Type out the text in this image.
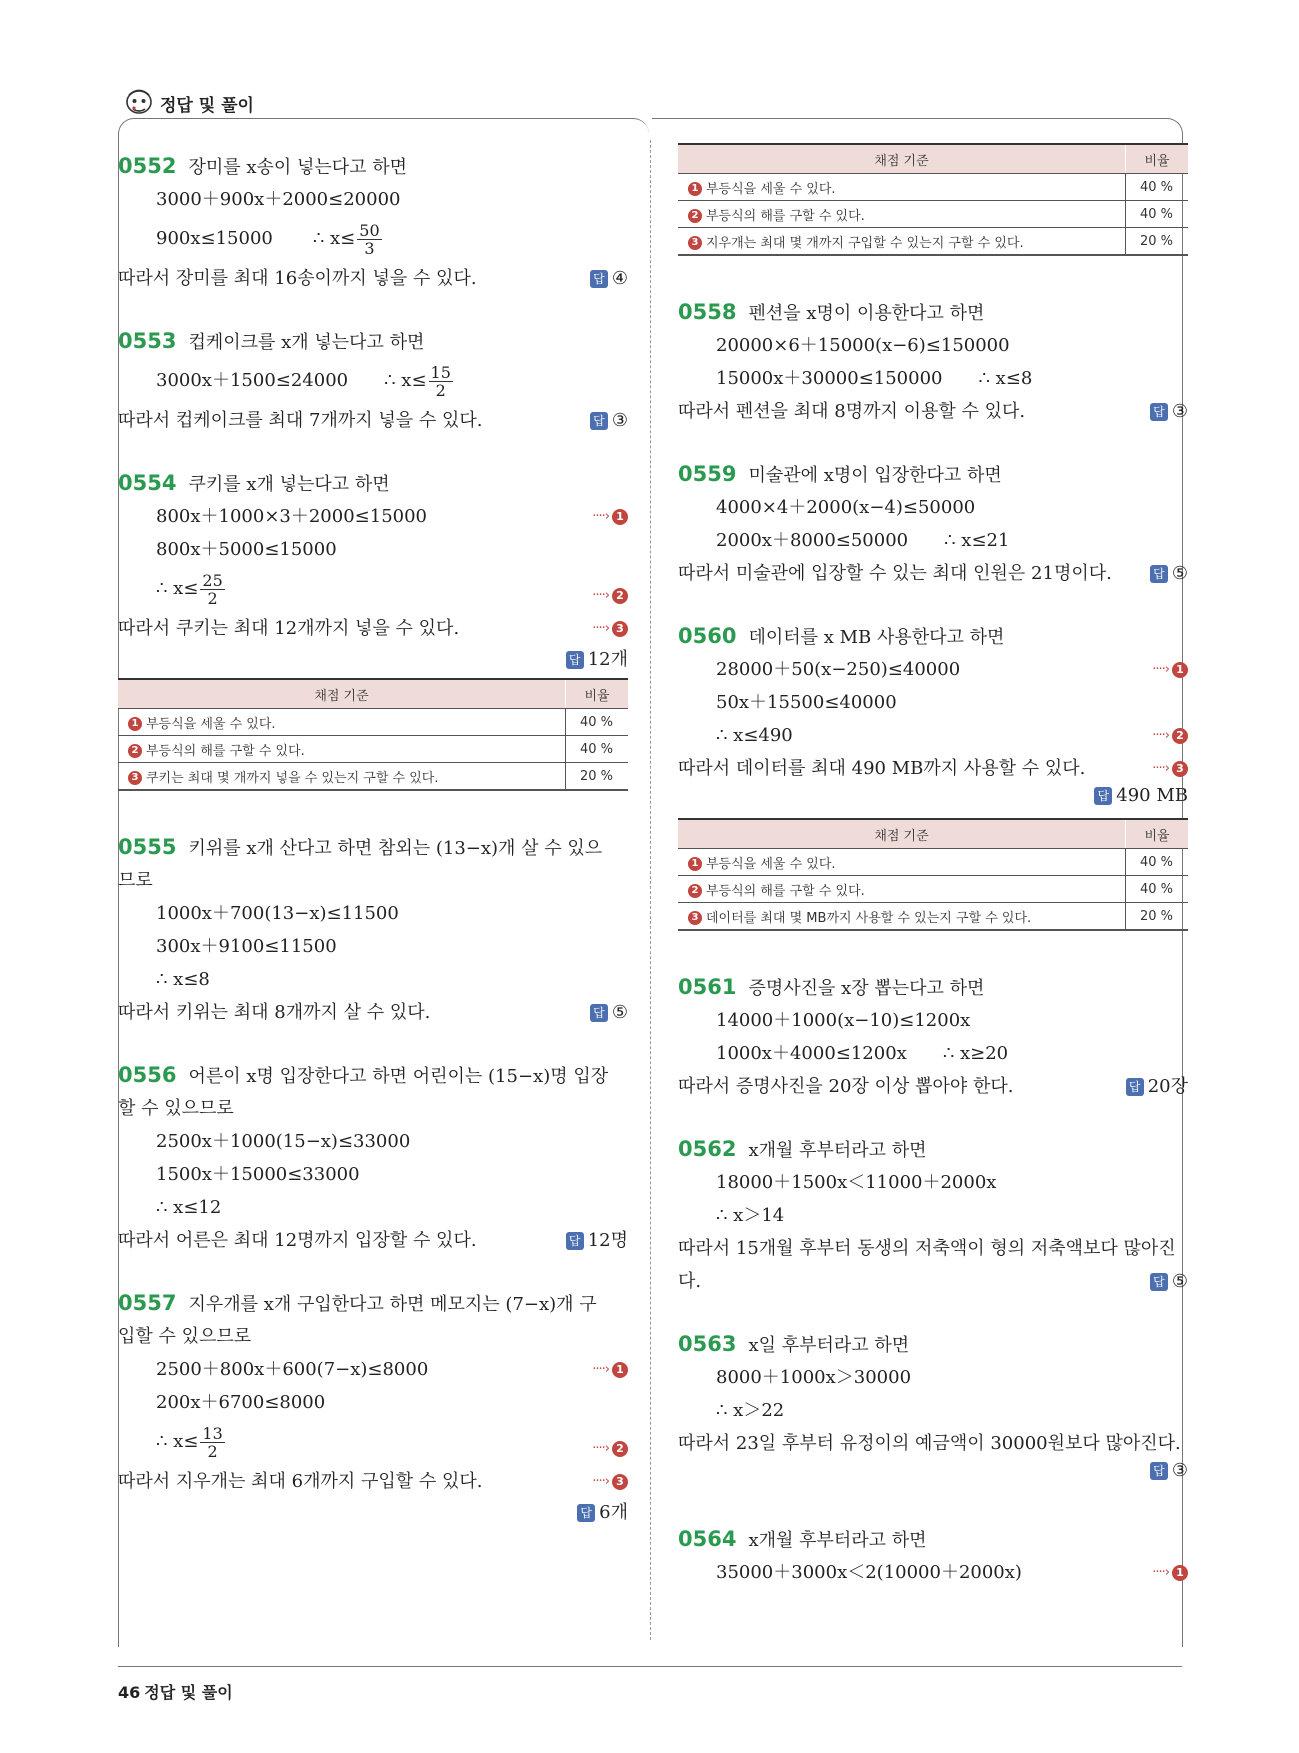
정답 및 풀이
0552 장미를 x송이 넣는다고 하면
3000＋900x＋2000≤20000
900x≤15000 ∴ $x\le \frac{50}{3}$
따라서 장미를 최대 16송이까지 넣을 수 있다.	답 ④
0553 컵케이크를 x개 넣는다고 하면
3000x＋1500≤24000 ∴ $x\le \frac{15}{2}$
따라서 컵케이크를 최대 7개까지 넣을 수 있다.	답 ③
0554 쿠키를 x개 넣는다고 하면
800x＋1000×3＋2000≤15000	····› 1
800x＋5000≤15000
∴ $x\le \frac{25}{2}$	····› 2
따라서 쿠키는 최대 12개까지 넣을 수 있다.	····› 3
답 12개
채점 기준	비율
1 부등식을 세울 수 있다.	40 %
2 부등식의 해를 구할 수 있다.	40 %
3 쿠키는 최대 몇 개까지 넣을 수 있는지 구할 수 있다.	20 %
0555 키위를 x개 산다고 하면 참외는 (13−x)개 살 수 있으
므로
1000x＋700(13−x)≤11500
300x＋9100≤11500
∴ x≤8
따라서 키위는 최대 8개까지 살 수 있다.	답 ⑤
0556 어른이 x명 입장한다고 하면 어린이는 (15−x)명 입장
할 수 있으므로
2500x＋1000(15−x)≤33000
1500x＋15000≤33000
∴ x≤12
따라서 어른은 최대 12명까지 입장할 수 있다.	답 12명
0557 지우개를 x개 구입한다고 하면 메모지는 (7−x)개 구
입할 수 있으므로
2500＋800x＋600(7−x)≤8000	····› 1
200x＋6700≤8000
∴ $x\le \frac{13}{2}$	····› 2
따라서 지우개는 최대 6개까지 구입할 수 있다.	····› 3
답 6개
채점 기준	비율
1 부등식을 세울 수 있다.	40 %
2 부등식의 해를 구할 수 있다.	40 %
3 지우개는 최대 몇 개까지 구입할 수 있는지 구할 수 있다.	20 %
0558 펜션을 x명이 이용한다고 하면
20000×6＋15000(x−6)≤150000
15000x＋30000≤150000 ∴ x≤8
따라서 펜션을 최대 8명까지 이용할 수 있다.	답 ③
0559 미술관에 x명이 입장한다고 하면
4000×4＋2000(x−4)≤50000
2000x＋8000≤50000 ∴ x≤21
따라서 미술관에 입장할 수 있는 최대 인원은 21명이다.	답 ⑤
0560 데이터를 x MB 사용한다고 하면
28000＋50(x−250)≤40000	····› 1
50x＋15500≤40000
∴ x≤490	····› 2
따라서 데이터를 최대 490 MB까지 사용할 수 있다.	····› 3
답 490 MB
채점 기준	비율
1 부등식을 세울 수 있다.	40 %
2 부등식의 해를 구할 수 있다.	40 %
3 데이터를 최대 몇 MB까지 사용할 수 있는지 구할 수 있다.	20 %
0561 증명사진을 x장 뽑는다고 하면
14000＋1000(x−10)≤1200x
1000x＋4000≤1200x ∴ x≥20
따라서 증명사진을 20장 이상 뽑아야 한다.	답 20장
0562 x개월 후부터라고 하면
18000＋1500x＜11000＋2000x
∴ x＞14
따라서 15개월 후부터 동생의 저축액이 형의 저축액보다 많아진
다.	답 ⑤
0563 x일 후부터라고 하면
8000＋1000x＞30000
∴ x＞22
따라서 23일 후부터 유정이의 예금액이 30000원보다 많아진다.
답 ③
0564 x개월 후부터라고 하면
35000＋3000x＜2(10000＋2000x)	····› 1
46 정답 및 풀이
